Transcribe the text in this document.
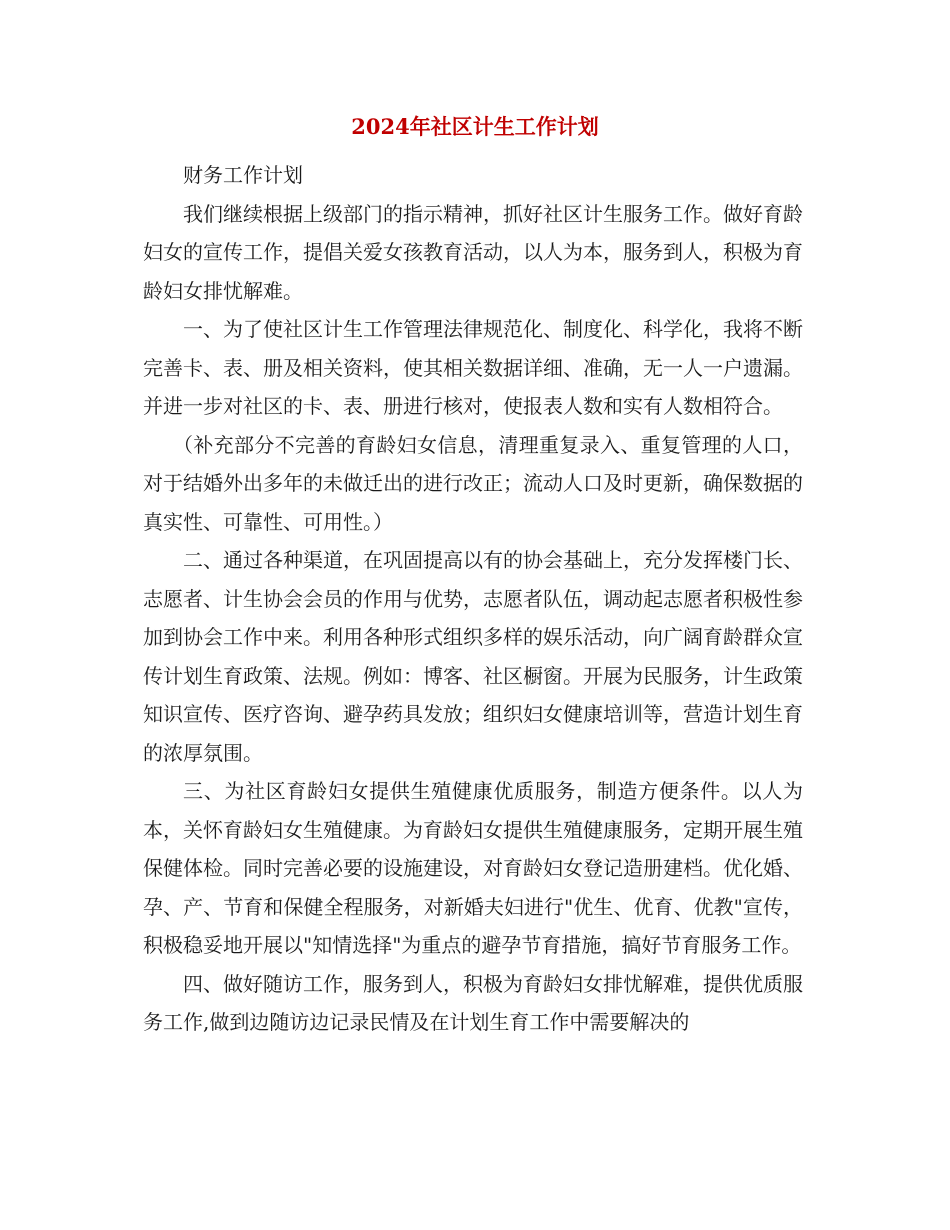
2024年社区计生工作计划

财务工作计划

我们继续根据上级部门的指示精神，抓好社区计生服务工作。做好育龄妇女的宣传工作，提倡关爱女孩教育活动，以人为本，服务到人，积极为育龄妇女排忧解难。

一、为了使社区计生工作管理法律规范化、制度化、科学化，我将不断完善卡、表、册及相关资料，使其相关数据详细、准确，无一人一户遗漏。并进一步对社区的卡、表、册进行核对，使报表人数和实有人数相符合。

（补充部分不完善的育龄妇女信息，清理重复录入、重复管理的人口，对于结婚外出多年的未做迁出的进行改正；流动人口及时更新，确保数据的真实性、可靠性、可用性。）

二、通过各种渠道，在巩固提高以有的协会基础上，充分发挥楼门长、志愿者、计生协会会员的作用与优势，志愿者队伍，调动起志愿者积极性参加到协会工作中来。利用各种形式组织多样的娱乐活动，向广阔育龄群众宣传计划生育政策、法规。例如：博客、社区橱窗。开展为民服务，计生政策知识宣传、医疗咨询、避孕药具发放；组织妇女健康培训等，营造计划生育的浓厚氛围。

三、为社区育龄妇女提供生殖健康优质服务，制造方便条件。以人为本，关怀育龄妇女生殖健康。为育龄妇女提供生殖健康服务，定期开展生殖保健体检。同时完善必要的设施建设，对育龄妇女登记造册建档。优化婚、孕、产、节育和保健全程服务，对新婚夫妇进行"优生、优育、优教"宣传，积极稳妥地开展以"知情选择"为重点的避孕节育措施，搞好节育服务工作。

四、做好随访工作，服务到人，积极为育龄妇女排忧解难，提供优质服务工作,做到边随访边记录民情及在计划生育工作中需要解决的
